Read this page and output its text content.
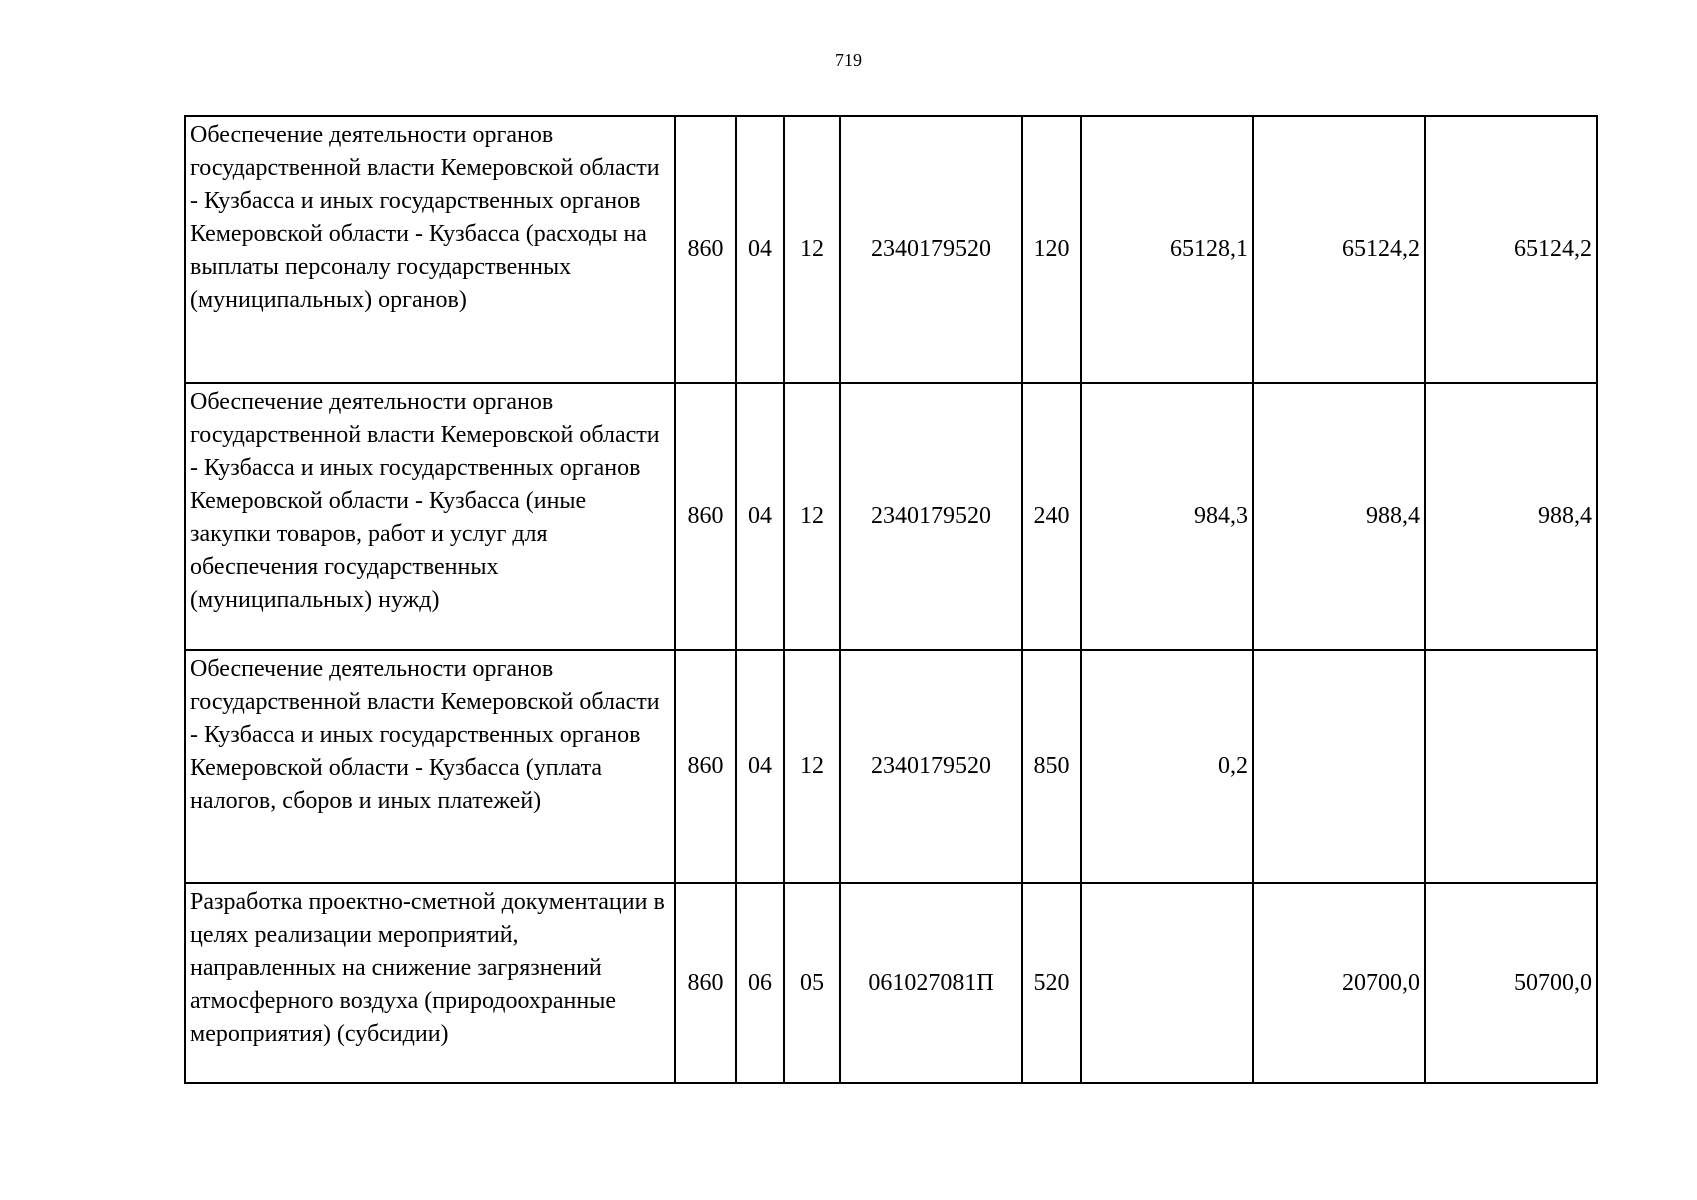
719
Обеспечение деятельности органов государственной власти Кемеровской области - Кузбасса и иных государственных органов Кемеровской области - Кузбасса (расходы на выплаты персоналу государственных (муниципальных) органов)	860	04	12	2340179520	120	65128,1	65124,2	65124,2
Обеспечение деятельности органов государственной власти Кемеровской области - Кузбасса и иных государственных органов Кемеровской области - Кузбасса (иные закупки товаров, работ и услуг для обеспечения государственных (муниципальных) нужд)	860	04	12	2340179520	240	984,3	988,4	988,4
Обеспечение деятельности органов государственной власти Кемеровской области - Кузбасса и иных государственных органов Кемеровской области - Кузбасса (уплата налогов, сборов и иных платежей)	860	04	12	2340179520	850	0,2		
Разработка проектно-сметной документации в целях реализации мероприятий, направленных на снижение загрязнений атмосферного воздуха (природоохранные мероприятия) (субсидии)	860	06	05	061027081П	520		20700,0	50700,0
